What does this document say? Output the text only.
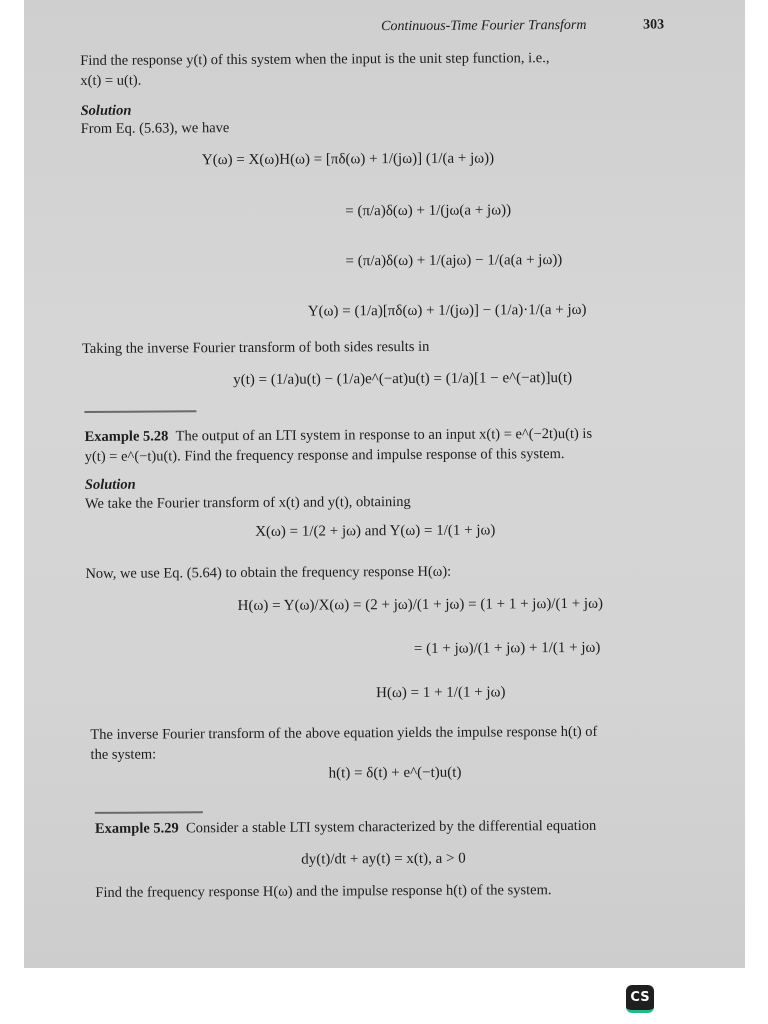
Continuous-Time Fourier Transform	303
Find the response y(t) of this system when the input is the unit step function, i.e.,
x(t) = u(t).
Solution
From Eq. (5.63), we have
Y(ω) = X(ω)H(ω) = [πδ(ω) + 1/(jω)] (1/(a + jω))
= (π/a)δ(ω) + 1/(jω(a + jω))
= (π/a)δ(ω) + 1/(ajω) − 1/(a(a + jω))
Y(ω) = (1/a)[πδ(ω) + 1/(jω)] − (1/a)·1/(a + jω)
Taking the inverse Fourier transform of both sides results in
y(t) = (1/a)u(t) − (1/a)e^(−at)u(t) = (1/a)[1 − e^(−at)]u(t)
Example 5.28 The output of an LTI system in response to an input x(t) = e^(−2t)u(t) is
y(t) = e^(−t)u(t). Find the frequency response and impulse response of this system.
Solution
We take the Fourier transform of x(t) and y(t), obtaining
X(ω) = 1/(2 + jω) and Y(ω) = 1/(1 + jω)
Now, we use Eq. (5.64) to obtain the frequency response H(ω):
H(ω) = Y(ω)/X(ω) = (2 + jω)/(1 + jω) = (1 + 1 + jω)/(1 + jω)
= (1 + jω)/(1 + jω) + 1/(1 + jω)
H(ω) = 1 + 1/(1 + jω)
The inverse Fourier transform of the above equation yields the impulse response h(t) of
the system:
h(t) = δ(t) + e^(−t)u(t)
Example 5.29 Consider a stable LTI system characterized by the differential equation
dy(t)/dt + ay(t) = x(t), a > 0
Find the frequency response H(ω) and the impulse response h(t) of the system.
CS
